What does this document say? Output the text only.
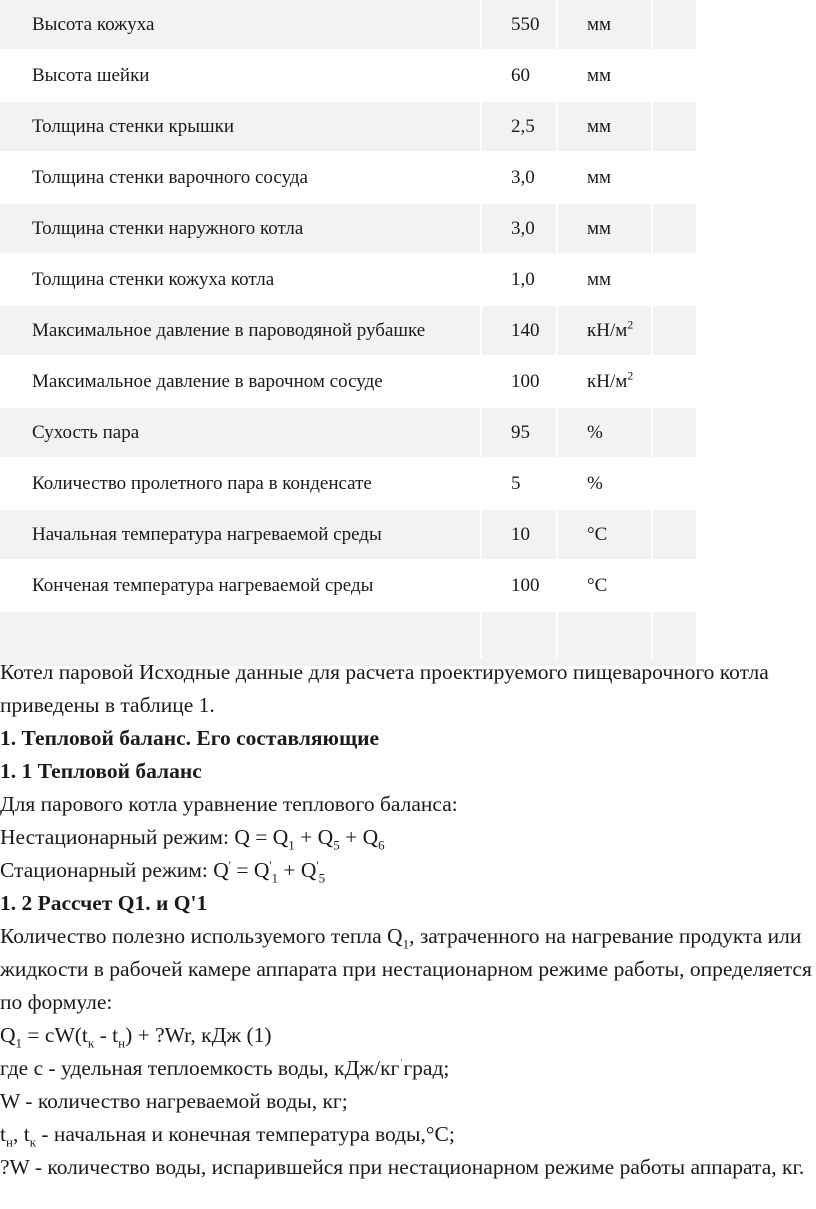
Высота кожуха	550	мм
Высота шейки	60	мм
Толщина стенки крышки	2,5	мм
Толщина стенки варочного сосуда	3,0	мм
Толщина стенки наружного котла	3,0	мм
Толщина стенки кожуха котла	1,0	мм
Максимальное давление в пароводяной рубашке	140	$кН/м^2$
Максимальное давление в варочном сосуде	100	$кН/м^2$
Сухость пара	95	%
Количество пролетного пара в конденсате	5	%
Начальная температура нагреваемой среды	10	°С
Конченая температура нагреваемой среды	100	°С

Котел паровой Исходные данные для расчета проектируемого пищеварочного котла приведены в таблице 1.

1. Тепловой баланс. Его составляющие

1. 1 Тепловой баланс

Для парового котла уравнение теплового баланса:

Нестационарный режим: $Q = Q_1 + Q_5 + Q_6$

Стационарный режим: $Q' = Q'_1 + Q'_5$

1. 2 Рассчет Q1. и Q'1

Количество полезно используемого тепла $Q_1$, затраченного на нагревание продукта или жидкости в рабочей камере аппарата при нестационарном режиме работы, определяется по формуле:

$Q_1 = cW(t_к - t_н)$ + ?Wr, кДж (1)

где с - удельная теплоемкость воды, кДж/кг˙град;

W - количество нагреваемой воды, кг;

$t_н$, $t_к$ - начальная и конечная температура воды,°С;

?W - количество воды, испарившейся при нестационарном режиме работы аппарата, кг.
